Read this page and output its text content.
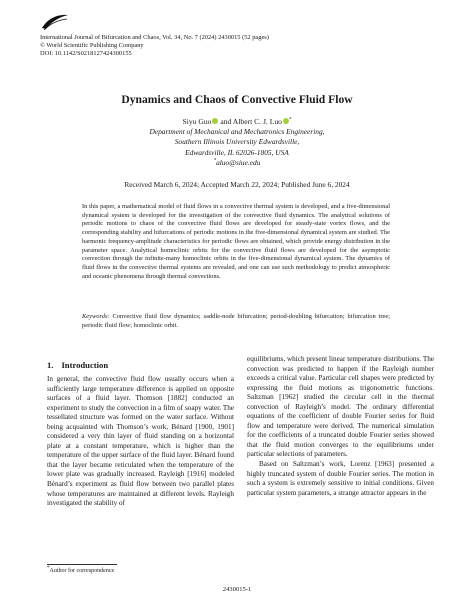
International Journal of Bifurcation and Chaos, Vol. 34, No. 7 (2024) 2430015 (52 pages)
© World Scientific Publishing Company
DOI: 10.1142/S0218127424300155
Dynamics and Chaos of Convective Fluid Flow
Siyu Guo and Albert C. J. Luo *
Department of Mechanical and Mechatronics Engineering,
Southern Illinois University Edwardsville,
Edwardsville, IL 62026-1805, USA
*aluo@siue.edu
Received March 6, 2024; Accepted March 22, 2024; Published June 6, 2024
In this paper, a mathematical model of fluid flows in a convective thermal system is developed, and a five-dimensional dynamical system is developed for the investigation of the convective fluid dynamics. The analytical solutions of periodic motions to chaos of the convective fluid flows are developed for steady-state vortex flows, and the corresponding stability and bifurcations of periodic motions in the five-dimensional dynamical system are studied. The harmonic frequency-amplitude characteristics for periodic flows are obtained, which provide energy distribution in the parameter space. Analytical homoclinic orbits for the convective fluid flows are developed for the asymptotic convection through the infinite-many homoclinic orbits in the five-dimensional dynamical system. The dynamics of fluid flows in the convective thermal systems are revealed, and one can use such methodology to predict atmospheric and oceanic phenomena through thermal convections.
Keywords: Convective fluid flow dynamics; saddle-node bifurcation; period-doubling bifurcation; bifurcation tree; periodic fluid flow; homoclinic orbit.
1. Introduction

In general, the convective fluid flow usually occurs when a sufficiently large temperature difference is applied on opposite surfaces of a fluid layer. Thomson [1882] conducted an experiment to study the convection in a film of soapy water. The tessellated structure was formed on the water surface. Without being acquainted with Thomson’s work, Bénard [1900, 1901] considered a very thin layer of fluid standing on a horizontal plate at a constant temperature, which is higher than the temperature of the upper surface of the fluid layer. Bénard found that the layer became reticulated when the temperature of the lower plate was gradually increased. Rayleigh [1916] modeled Bénard’s experiment as fluid flow between two parallel plates whose temperatures are maintained at different levels. Rayleigh investigated the stability of

equilibriums, which present linear temperature distributions. The convection was predicted to happen if the Rayleigh number exceeds a critical value. Particular cell shapes were predicted by expressing the fluid motions as trigonometric functions. Saltzman [1962] studied the circular cell in the thermal convection of Rayleigh’s model. The ordinary differential equations of the coefficient of double Fourier series for fluid flow and temperature were derived. The numerical simulation for the coefficients of a truncated double Fourier series showed that the fluid motion converges to the equilibriums under particular selections of parameters.

Based on Saltzman’s work, Lorenz [1963] presented a highly truncated system of double Fourier series. The motion in such a system is extremely sensitive to initial conditions. Given particular system parameters, a strange attractor appears in the

*Author for correspondence
2430015-1
